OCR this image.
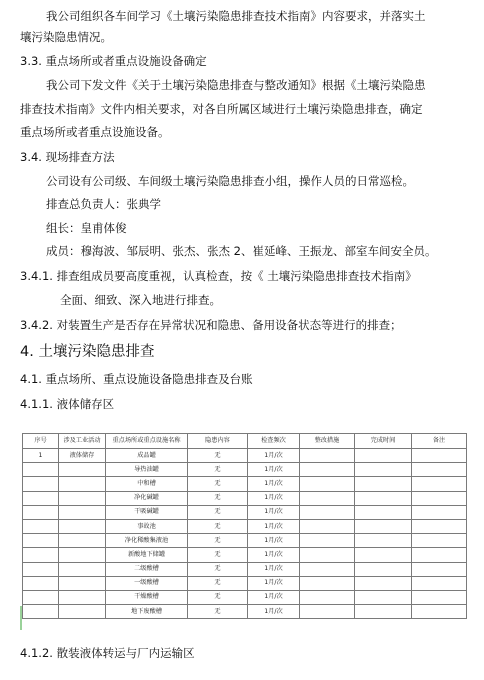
我公司组织各车间学习《土壤污染隐患排查技术指南》内容要求，并落实土
壤污染隐患情况。
3.3. 重点场所或者重点设施设备确定
我公司下发文件《关于土壤污染隐患排查与整改通知》根据《土壤污染隐患
排查技术指南》文件内相关要求，对各自所属区域进行土壤污染隐患排查，确定
重点场所或者重点设施设备。
3.4. 现场排查方法
公司设有公司级、车间级土壤污染隐患排查小组，操作人员的日常巡检。
排查总负责人：张典学
组长：皇甫体俊
成员：穆海波、邹辰明、张杰、张杰 2、崔延峰、王振龙、部室车间安全员。
3.4.1. 排查组成员要高度重视，认真检查，按《 土壤污染隐患排查技术指南》
全面、细致、深入地进行排查。
3.4.2. 对装置生产是否存在异常状况和隐患、备用设备状态等进行的排查；
4. 土壤污染隐患排查
4.1. 重点场所、重点设施设备隐患排查及台账
4.1.1. 液体储存区
序号	涉及工业活动	重点场所或重点设施名称	隐患内容	检查频次	整改措施	完成时间	备注
1	液体储存	成品罐	无	1月/次			
		导热油罐	无	1月/次			
		中和槽	无	1月/次			
		净化碱罐	无	1月/次			
		干吸碱罐	无	1月/次			
		事故池	无	1月/次			
		净化稀酸集液池	无	1月/次			
		新酸地下储罐	无	1月/次			
		二级酸槽	无	1月/次			
		一级酸槽	无	1月/次			
		干燥酸槽	无	1月/次			
		地下废酸槽	无	1月/次			
4.1.2. 散装液体转运与厂内运输区
